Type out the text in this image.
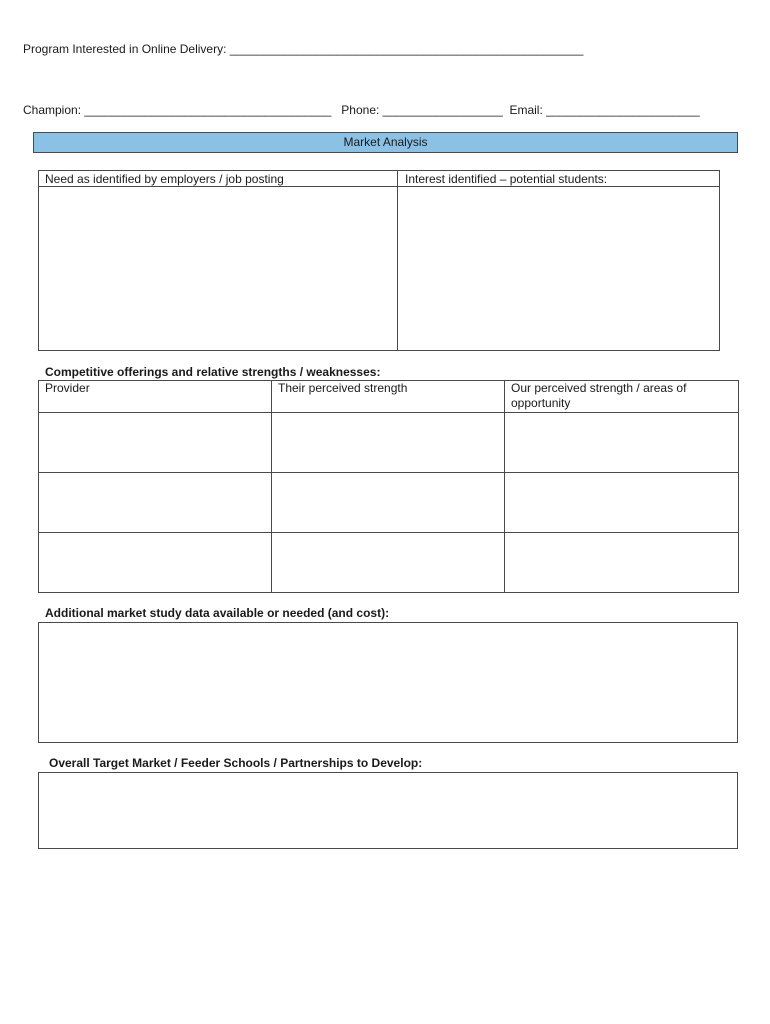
Program Interested in Online Delivery: _____________________________________________________
Champion: _____________________________________   Phone: __________________  Email: _______________________
Market Analysis
Need as identified by employers / job posting	Interest identified – potential students:
Competitive offerings and relative strengths / weaknesses:
Provider	Their perceived strength	Our perceived strength / areas of opportunity

Additional market study data available or needed (and cost):
Overall Target Market / Feeder Schools / Partnerships to Develop:
